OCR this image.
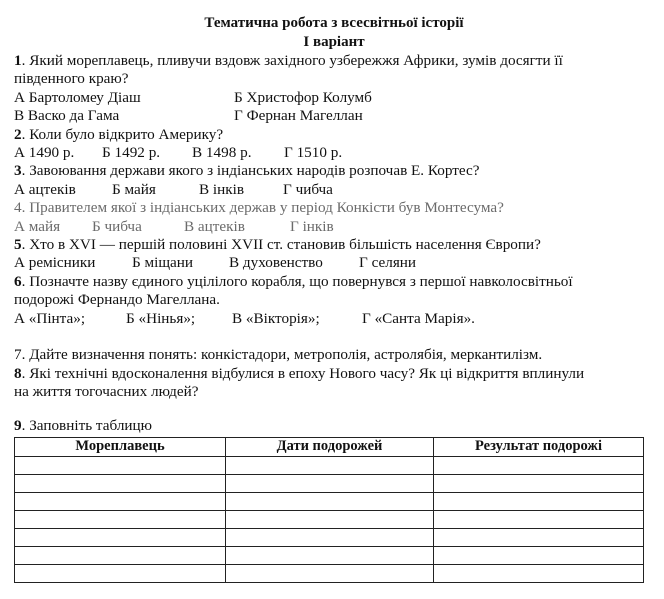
Тематична робота з всесвітньої історії
І варіант
1. Який мореплавець, пливучи вздовж західного узбережжя Африки, зумів досягти її
південного краю?
А Бартоломеу Діаш	Б Христофор Колумб
В Васко да Гама	Г Фернан Магеллан
2. Коли було відкрито Америку?
А 1490 р.	Б 1492 р.	В 1498 р.	Г 1510 р.
3. Завоювання держави якого з індіанських народів розпочав Е. Кортес?
А ацтеків	Б майя	В інків	Г чибча
4. Правителем якої з індіанських держав у період Конкісти був Монтесума?
А майя	Б чибча	В ацтеків	Г інків
5. Хто в XVI — першій половині XVII ст. становив більшість населення Європи?
А ремісники	Б міщани	В духовенство	Г селяни
6. Позначте назву єдиного уцілілого корабля, що повернувся з першої навколосвітньої
подорожі Фернандо Магеллана.
А «Пінта»;	Б «Нінья»;	В «Вікторія»;	Г «Санта Марія».
7. Дайте визначення понять: конкістадори, метрополія, астролябія, меркантилізм.
8. Які технічні вдосконалення відбулися в епоху Нового часу? Як ці відкриття вплинули
на життя тогочасних людей?
9. Заповніть таблицю
Мореплавець	Дати подорожей	Результат подорожі
